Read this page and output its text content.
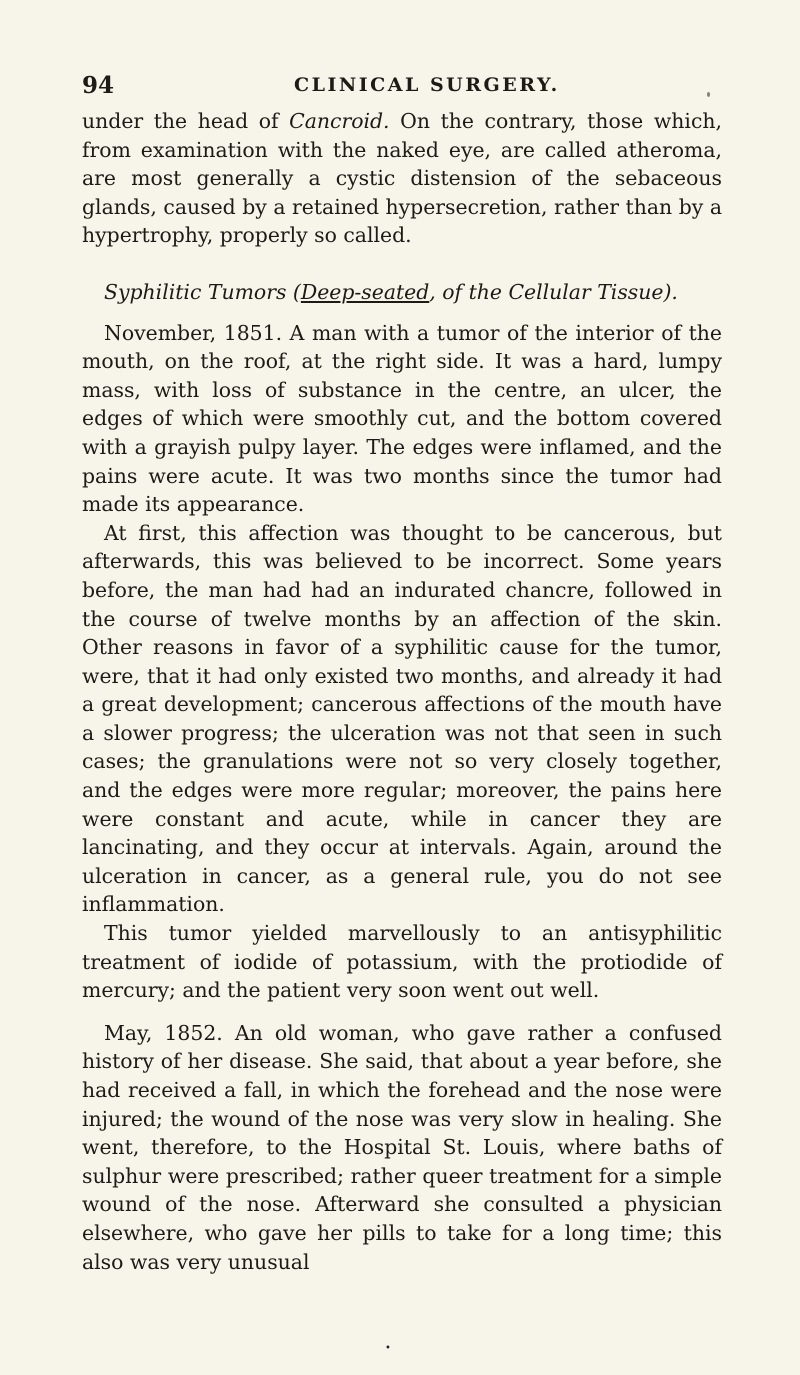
94	CLINICAL SURGERY.

under the head of Cancroid. On the contrary, those which, from examination with the naked eye, are called atheroma, are most generally a cystic distension of the sebaceous glands, caused by a retained hypersecretion, rather than by a hypertrophy, properly so called.

Syphilitic Tumors (Deep-seated, of the Cellular Tissue).

November, 1851. A man with a tumor of the interior of the mouth, on the roof, at the right side. It was a hard, lumpy mass, with loss of substance in the centre, an ulcer, the edges of which were smoothly cut, and the bottom covered with a grayish pulpy layer. The edges were inflamed, and the pains were acute. It was two months since the tumor had made its appearance.

At first, this affection was thought to be cancerous, but afterwards, this was believed to be incorrect. Some years before, the man had had an indurated chancre, followed in the course of twelve months by an affection of the skin. Other reasons in favor of a syphilitic cause for the tumor, were, that it had only existed two months, and already it had a great development; cancerous affections of the mouth have a slower progress; the ulceration was not that seen in such cases; the granulations were not so very closely together, and the edges were more regular; moreover, the pains here were constant and acute, while in cancer they are lancinating, and they occur at intervals. Again, around the ulceration in cancer, as a general rule, you do not see inflammation.

This tumor yielded marvellously to an antisyphilitic treatment of iodide of potassium, with the protiodide of mercury; and the patient very soon went out well.

May, 1852. An old woman, who gave rather a confused history of her disease. She said, that about a year before, she had received a fall, in which the forehead and the nose were injured; the wound of the nose was very slow in healing. She went, therefore, to the Hospital St. Louis, where baths of sulphur were prescribed; rather queer treatment for a simple wound of the nose. Afterward she consulted a physician elsewhere, who gave her pills to take for a long time; this also was very unusual

•
